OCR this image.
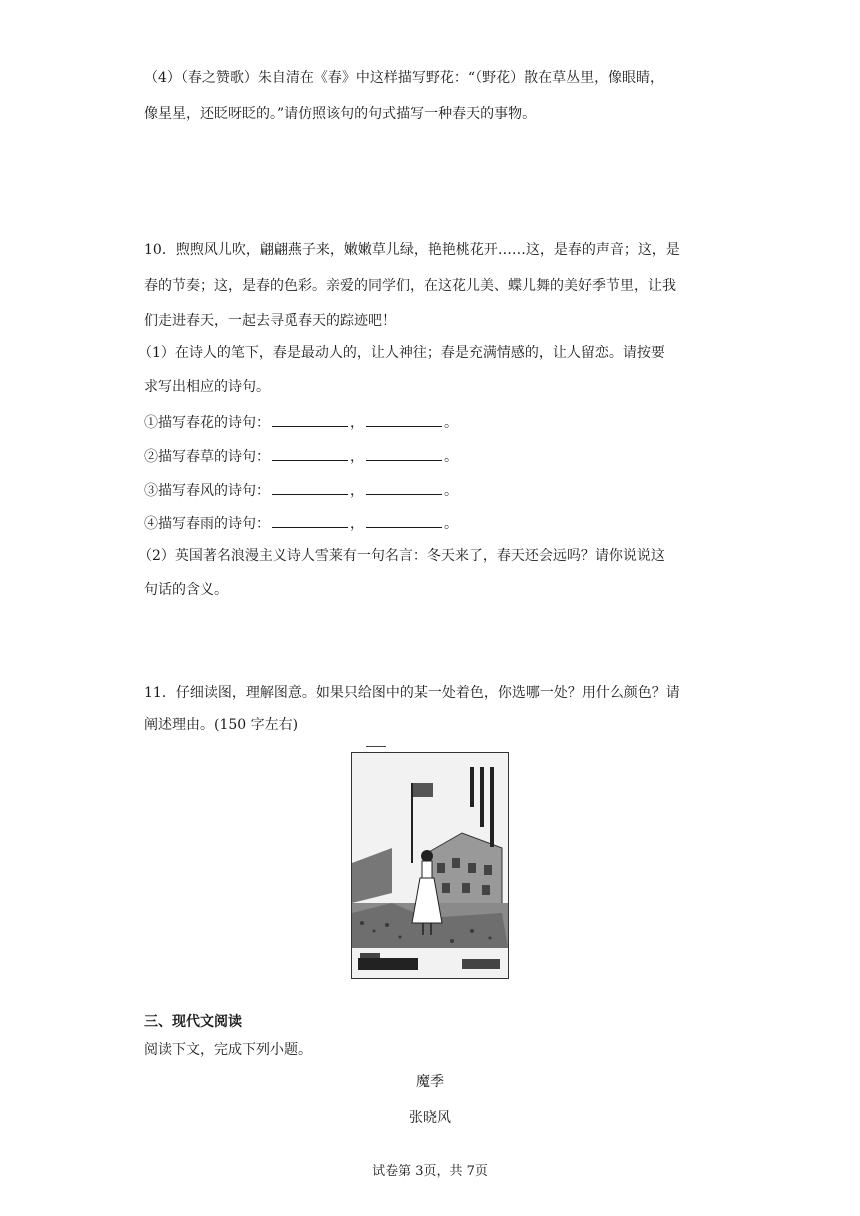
（4）（春之赞歌）朱自清在《春》中这样描写野花：“（野花）散在草丛里，像眼睛，
像星星，还眨呀眨的。”请仿照该句的句式描写一种春天的事物。
10．煦煦风儿吹，翩翩燕子来，嫩嫩草儿绿，艳艳桃花开……这，是春的声音；这，是
春的节奏；这，是春的色彩。亲爱的同学们，在这花儿美、蝶儿舞的美好季节里，让我
们走进春天，一起去寻觅春天的踪迹吧！
（1）在诗人的笔下，春是最动人的，让人神往；春是充满情感的，让人留恋。请按要
求写出相应的诗句。
①描写春花的诗句：	，	。
②描写春草的诗句：	，	。
③描写春风的诗句：	，	。
④描写春雨的诗句：	，	。
（2）英国著名浪漫主义诗人雪莱有一句名言：冬天来了，春天还会远吗？请你说说这
句话的含义。
11．仔细读图，理解图意。如果只给图中的某一处着色，你选哪一处？用什么颜色？请
阐述理由。(150 字左右)
三、现代文阅读
阅读下文，完成下列小题。
魔季
张晓风
试卷第 3页，共 7页
